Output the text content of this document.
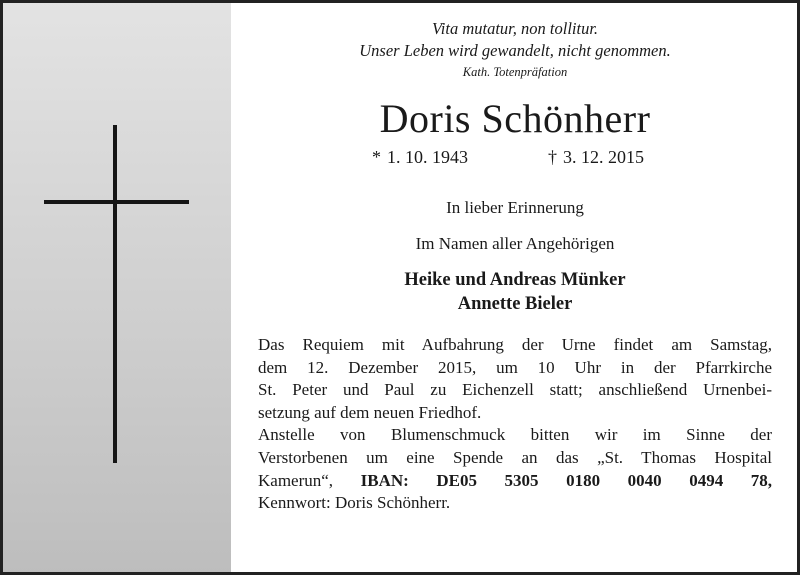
Vita mutatur, non tollitur.
Unser Leben wird gewandelt, nicht genommen.
Kath. Totenpräfation
Doris Schönherr
* 1. 10. 1943	† 3. 12. 2015
In lieber Erinnerung
Im Namen aller Angehörigen
Heike und Andreas Münker
Annette Bieler
Das Requiem mit Aufbahrung der Urne findet am Samstag,
dem 12. Dezember 2015, um 10 Uhr in der Pfarrkirche
St. Peter und Paul zu Eichenzell statt; anschließend Urnenbei-
setzung auf dem neuen Friedhof.
Anstelle von Blumenschmuck bitten wir im Sinne der
Verstorbenen um eine Spende an das „St. Thomas Hospital
Kamerun“, IBAN: DE05 5305 0180 0040 0494 78,
Kennwort: Doris Schönherr.
